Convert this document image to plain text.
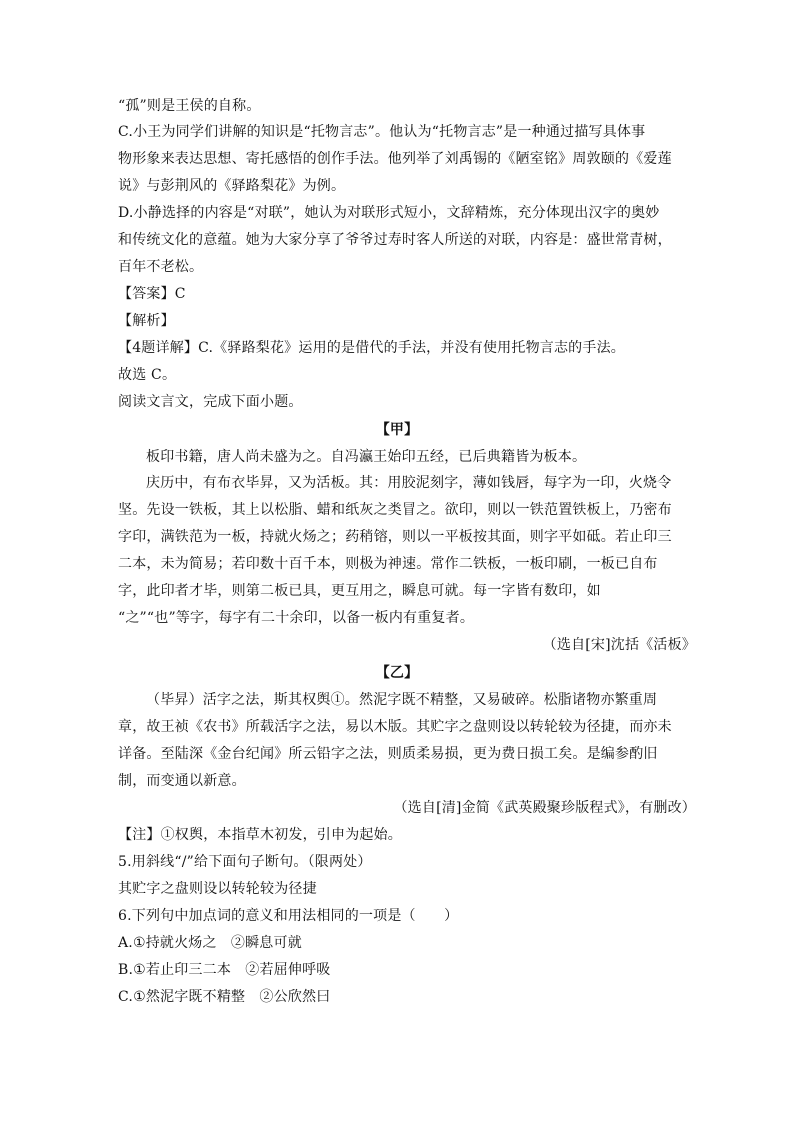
“孤”则是王侯的自称。
C.小王为同学们讲解的知识是“托物言志”。他认为“托物言志”是一种通过描写具体事
物形象来表达思想、寄托感悟的创作手法。他列举了刘禹锡的《陋室铭》周敦颐的《爱莲
说》与彭荆风的《驿路梨花》为例。
D.小静选择的内容是“对联”，她认为对联形式短小，文辞精炼，充分体现出汉字的奥妙
和传统文化的意蕴。她为大家分享了爷爷过寿时客人所送的对联，内容是：盛世常青树，
百年不老松。
【答案】C
【解析】
【4题详解】C.《驿路梨花》运用的是借代的手法，并没有使用托物言志的手法。
故选 C。
阅读文言文，完成下面小题。
【甲】
板印书籍，唐人尚未盛为之。自冯瀛王始印五经，已后典籍皆为板本。
庆历中，有布衣毕昇，又为活板。其：用胶泥刻字，薄如钱唇，每字为一印，火烧令
坚。先设一铁板，其上以松脂、蜡和纸灰之类冒之。欲印，则以一铁范置铁板上，乃密布
字印，满铁范为一板，持就火炀之；药稍镕，则以一平板按其面，则字平如砥。若止印三
二本，未为简易；若印数十百千本，则极为神速。常作二铁板，一板印刷，一板已自布
字，此印者才毕，则第二板已具，更互用之，瞬息可就。每一字皆有数印，如
“之”“也”等字，每字有二十余印，以备一板内有重复者。
（选自[宋]沈括《活板》
【乙】
（毕昇）活字之法，斯其权舆①。然泥字既不精整，又易破碎。松脂诸物亦繁重周
章，故王祯《农书》所载活字之法，易以木版。其贮字之盘则设以转轮较为径捷，而亦未
详备。至陆深《金台纪闻》所云铅字之法，则质柔易损，更为费日损工矣。是编参酌旧
制，而变通以新意。
（选自[清]金简《武英殿聚珍版程式》，有删改）
【注】①权舆，本指草木初发，引申为起始。
5.用斜线“/”给下面句子断句。（限两处）
其贮字之盘则设以转轮较为径捷
6.下列句中加点词的意义和用法相同的一项是（　　）
A.①持就火炀之　②瞬息可就
B.①若止印三二本　②若屈伸呼吸
C.①然泥字既不精整　②公欣然曰
